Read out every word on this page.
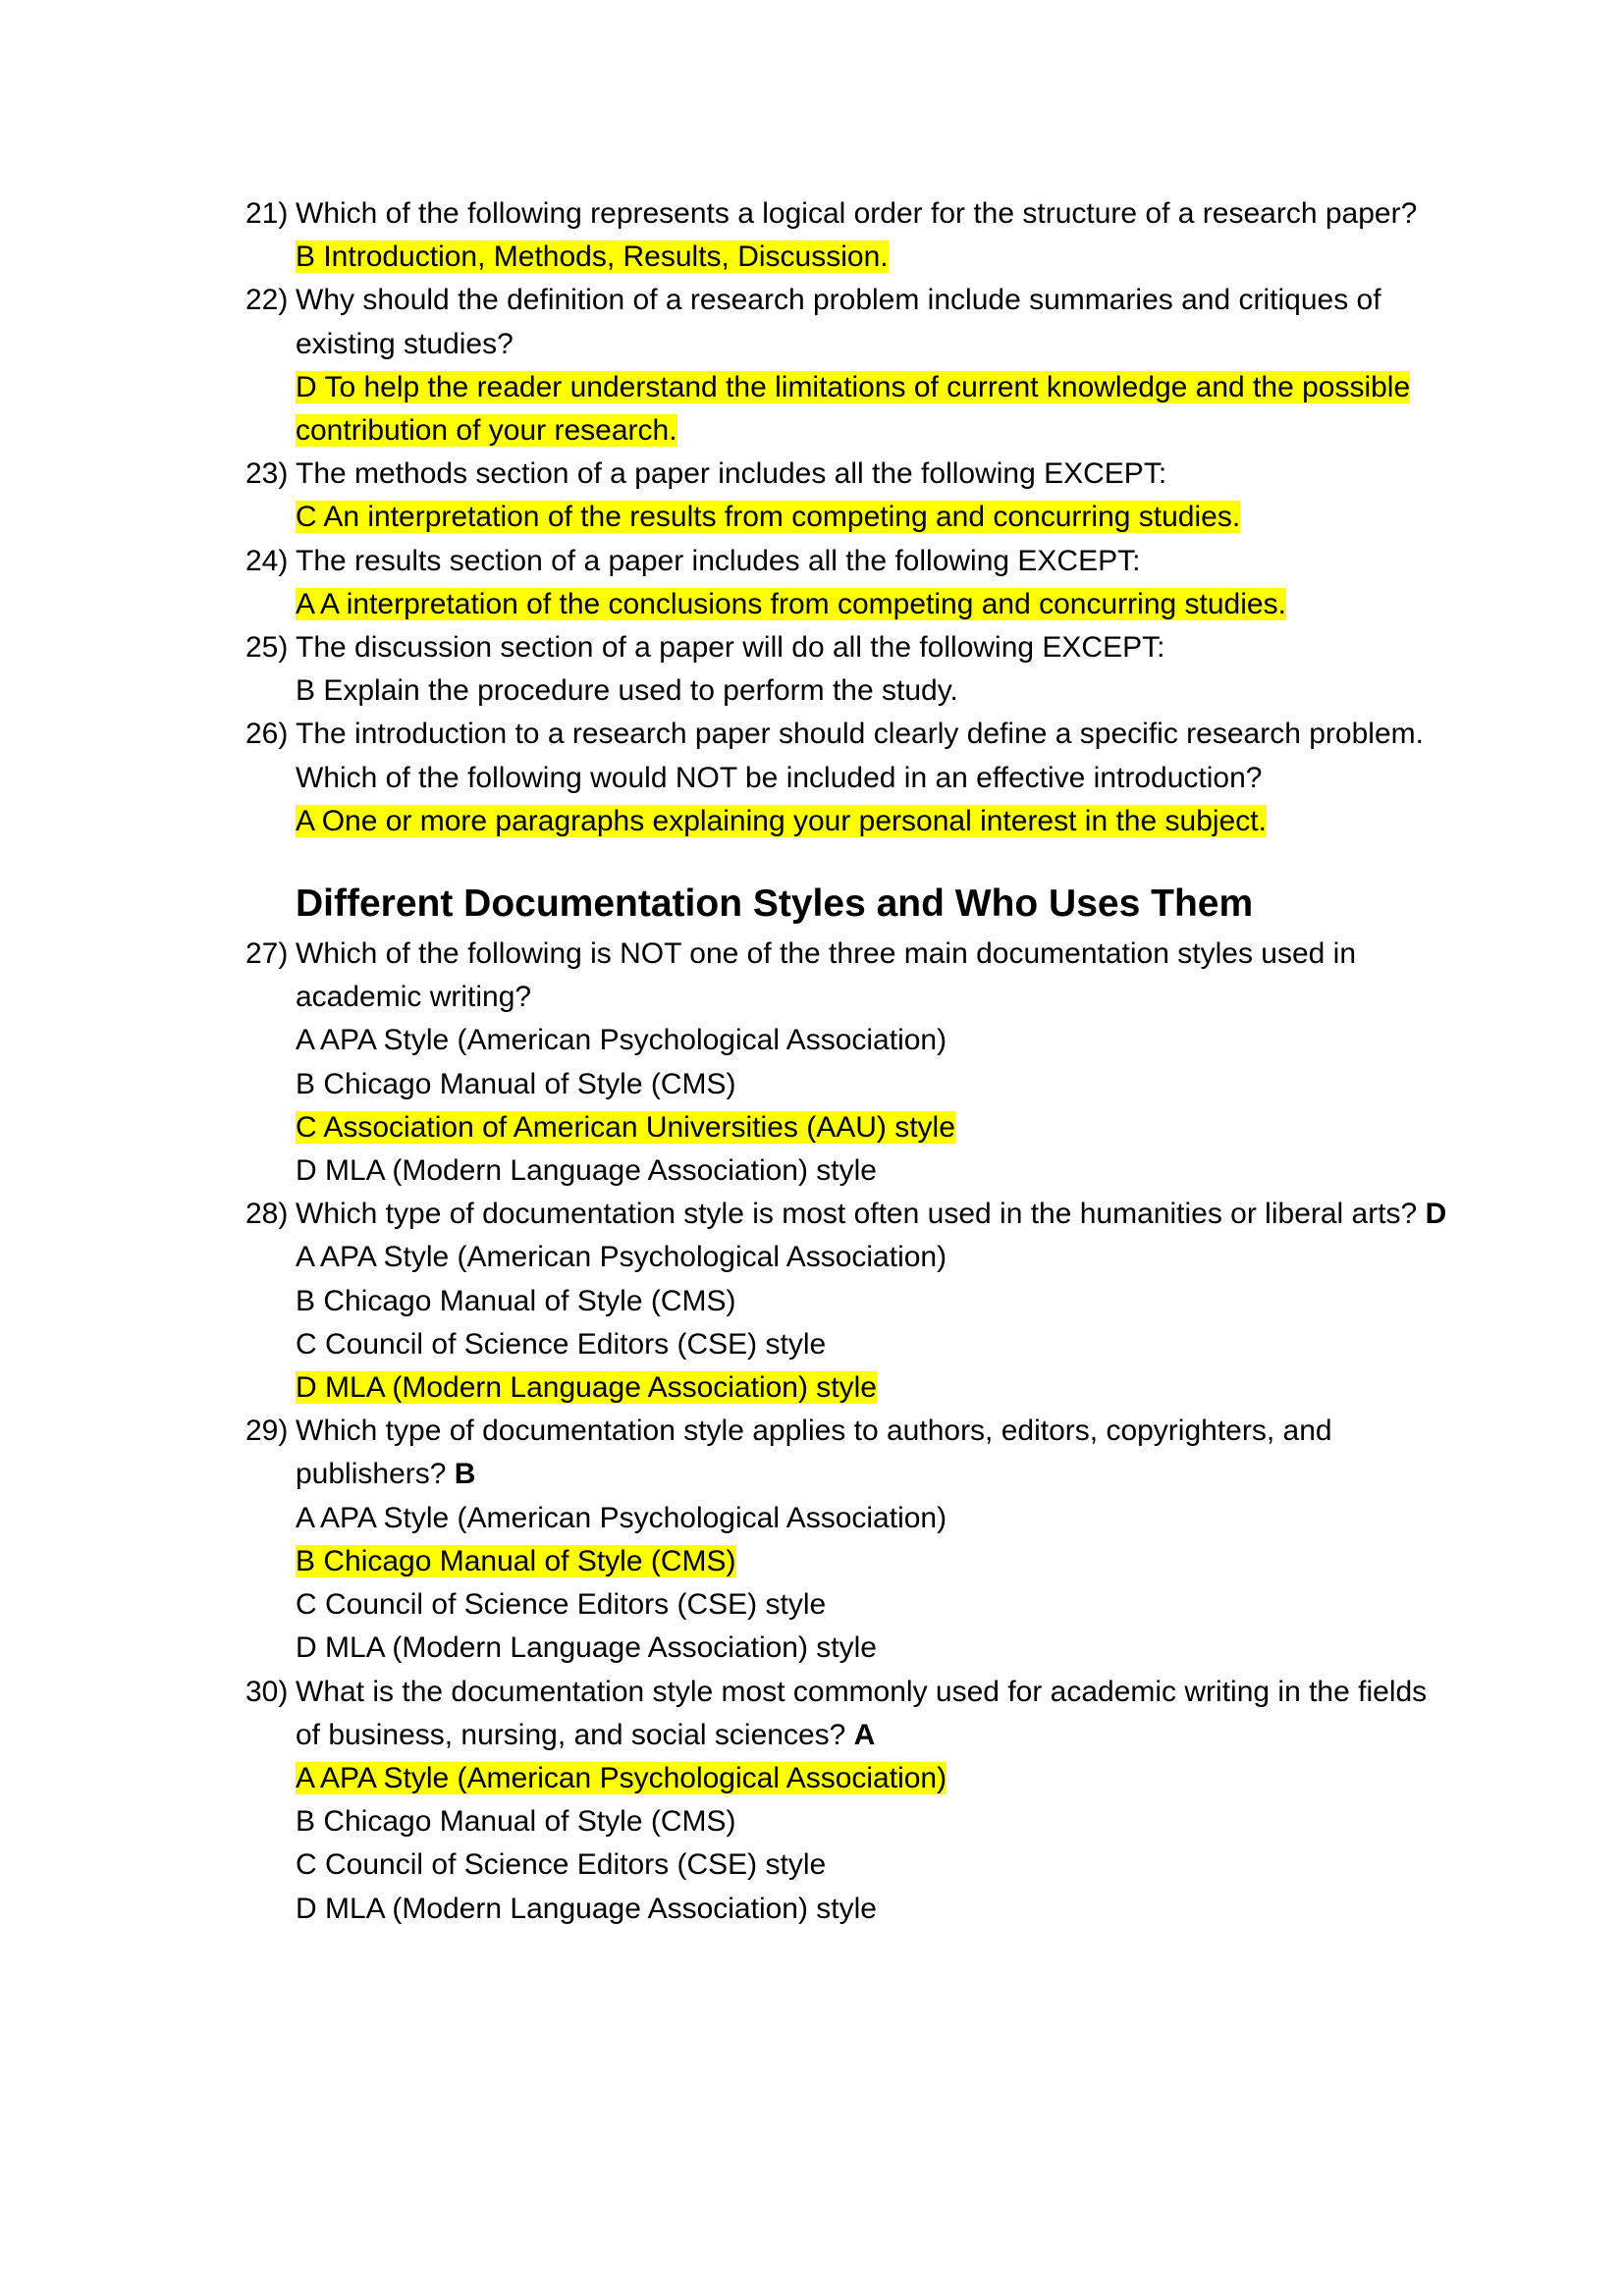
21) Which of the following represents a logical order for the structure of a research paper?
B Introduction, Methods, Results, Discussion.
22) Why should the definition of a research problem include summaries and critiques of existing studies?
D To help the reader understand the limitations of current knowledge and the possible contribution of your research.
23) The methods section of a paper includes all the following EXCEPT:
C An interpretation of the results from competing and concurring studies.
24) The results section of a paper includes all the following EXCEPT:
A A interpretation of the conclusions from competing and concurring studies.
25) The discussion section of a paper will do all the following EXCEPT:
B Explain the procedure used to perform the study.
26) The introduction to a research paper should clearly define a specific research problem. Which of the following would NOT be included in an effective introduction?
A One or more paragraphs explaining your personal interest in the subject.
Different Documentation Styles and Who Uses Them
27) Which of the following is NOT one of the three main documentation styles used in academic writing?
A APA Style (American Psychological Association)
B Chicago Manual of Style (CMS)
C Association of American Universities (AAU) style
D MLA (Modern Language Association) style
28) Which type of documentation style is most often used in the humanities or liberal arts? D
A APA Style (American Psychological Association)
B Chicago Manual of Style (CMS)
C Council of Science Editors (CSE) style
D MLA (Modern Language Association) style
29) Which type of documentation style applies to authors, editors, copyrighters, and publishers? B
A APA Style (American Psychological Association)
B Chicago Manual of Style (CMS)
C Council of Science Editors (CSE) style
D MLA (Modern Language Association) style
30) What is the documentation style most commonly used for academic writing in the fields of business, nursing, and social sciences? A
A APA Style (American Psychological Association)
B Chicago Manual of Style (CMS)
C Council of Science Editors (CSE) style
D MLA (Modern Language Association) style
